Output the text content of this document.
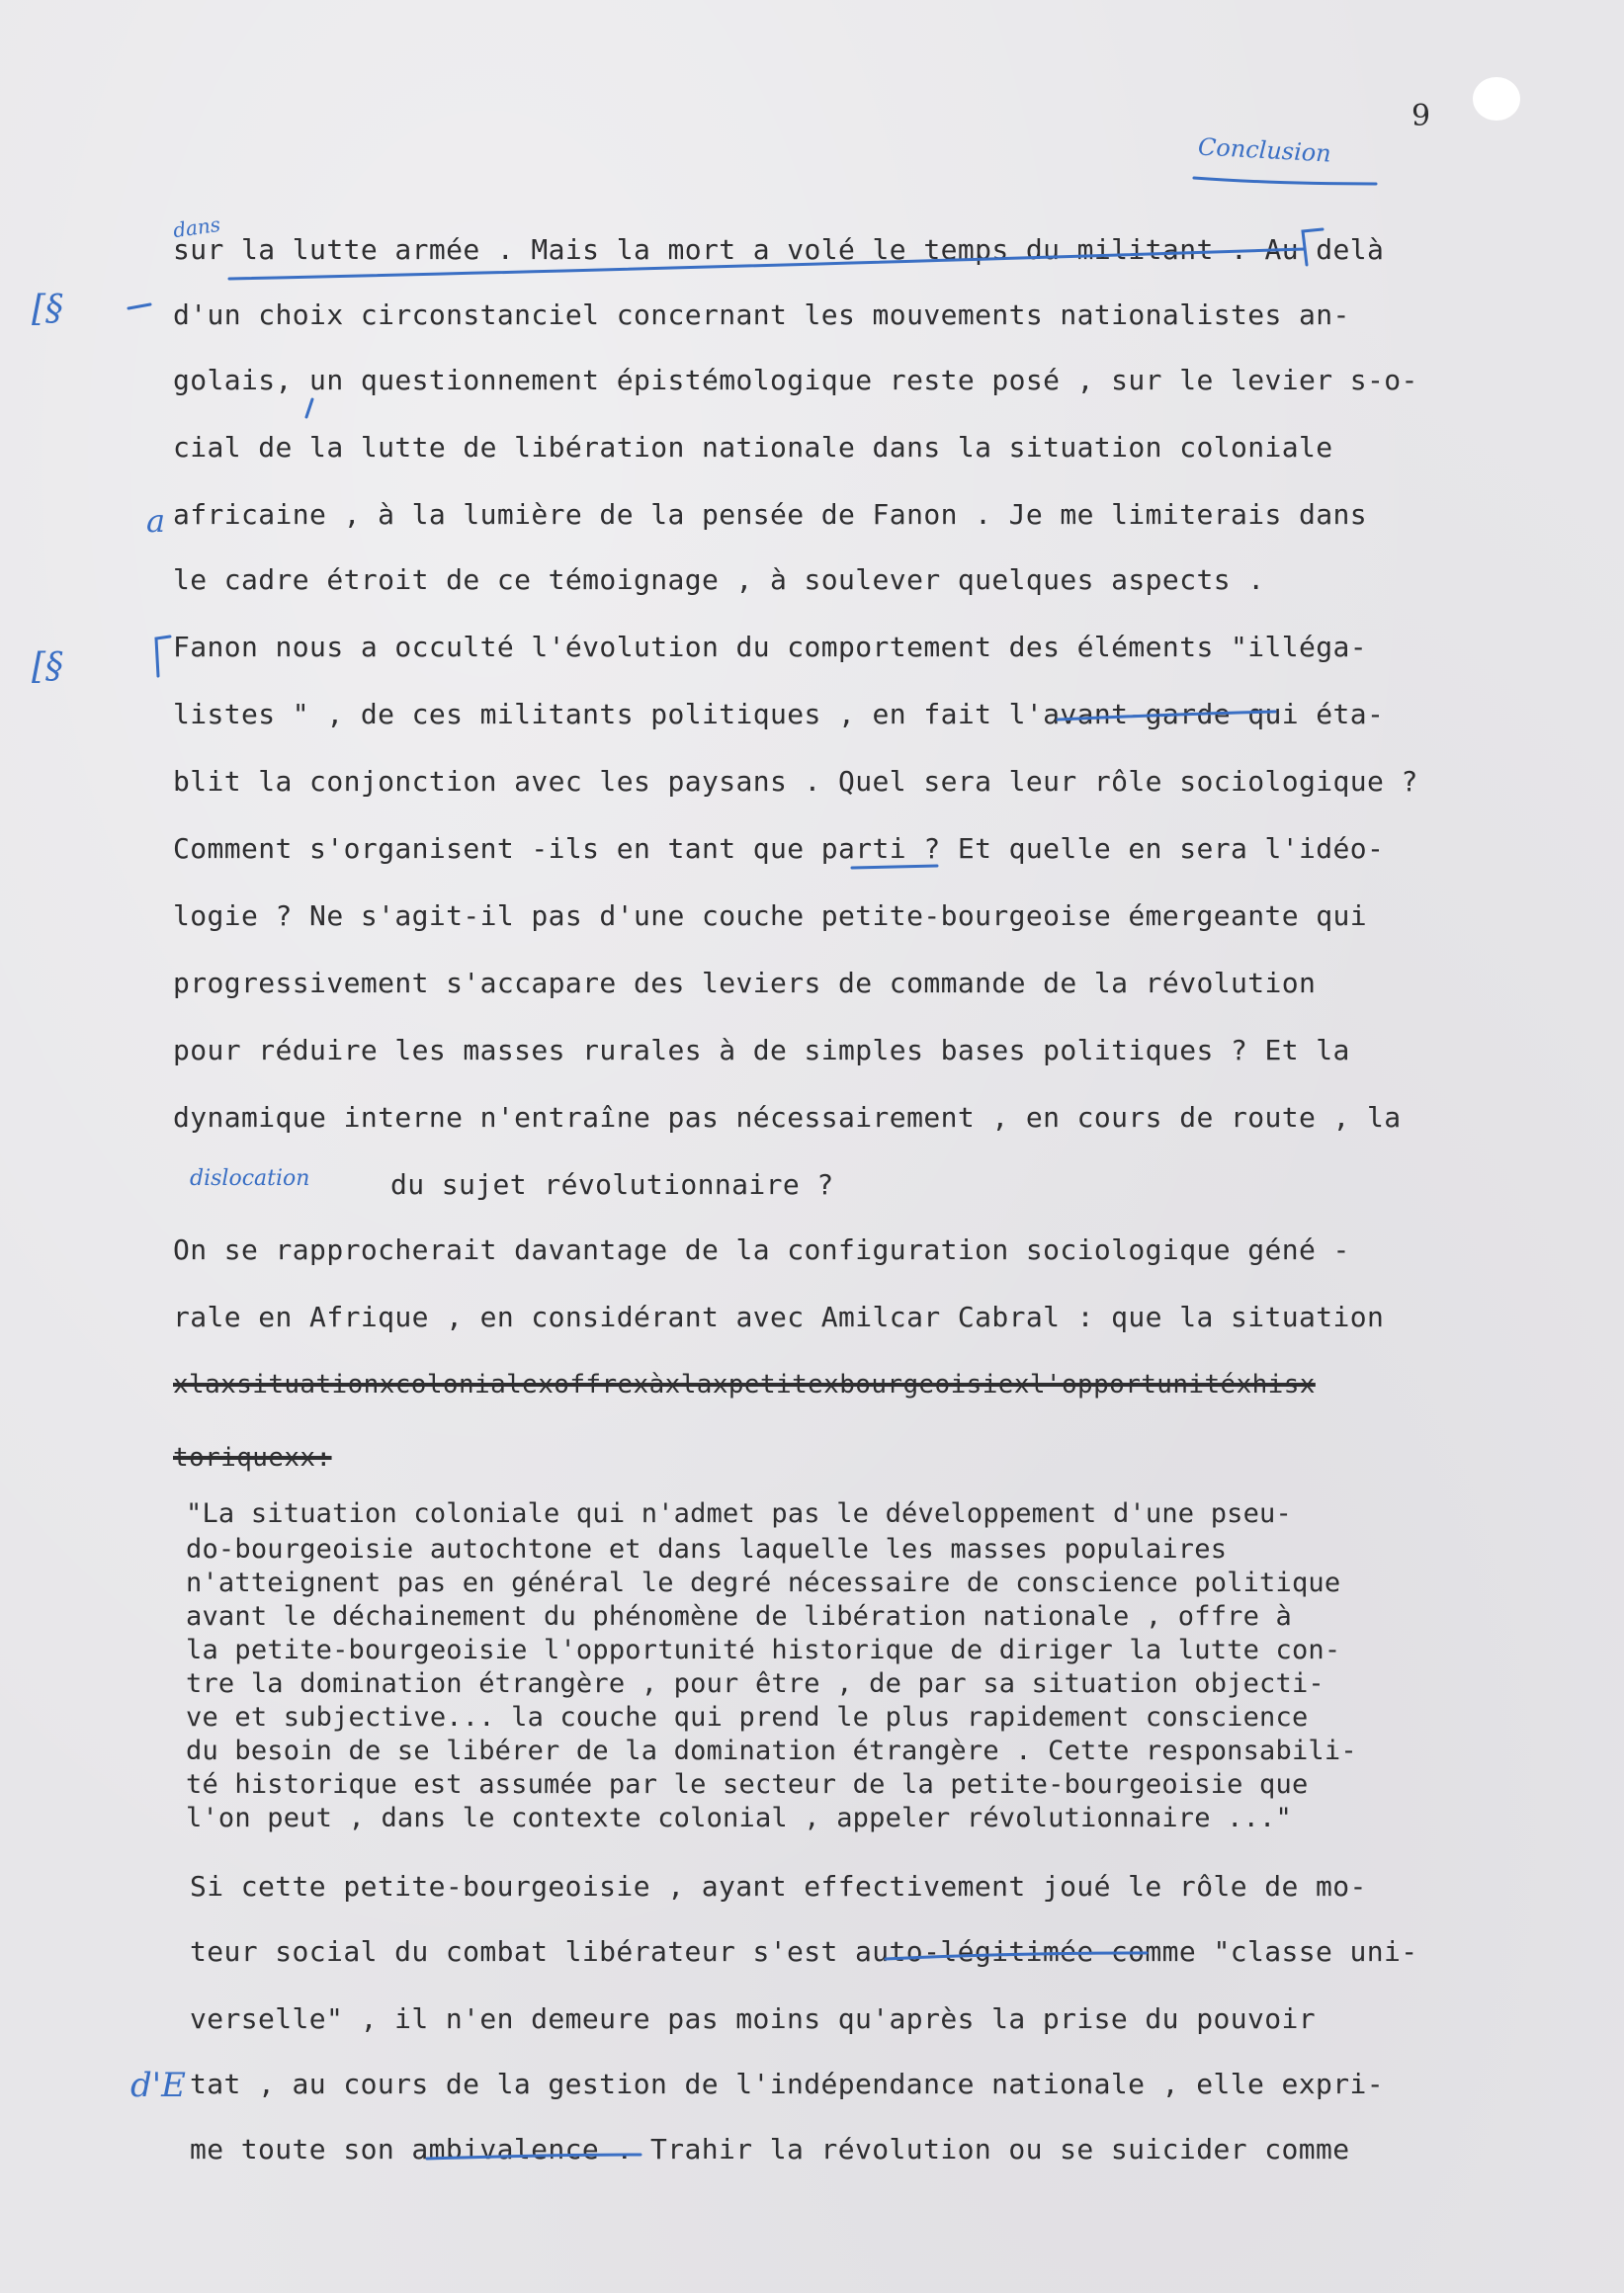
9
Conclusion
dans
[§
a
[§
dislocation
d'E
sur la lutte armée . Mais la mort a volé le temps du militant . Au delà
d'un choix circonstanciel concernant les mouvements nationalistes an-
golais, un questionnement épistémologique reste posé , sur le levier s-o-
cial de la lutte de libération nationale dans la situation coloniale
africaine , à la lumière de la pensée de Fanon . Je me limiterais dans
le cadre étroit de ce témoignage , à soulever quelques aspects .
Fanon nous a occulté l'évolution du comportement des éléments "illéga-
listes " , de ces militants politiques , en fait l'avant-garde qui éta-
blit la conjonction avec les paysans . Quel sera leur rôle sociologique ?
Comment s'organisent -ils en tant que parti ? Et quelle en sera l'idéo-
logie ? Ne s'agit-il pas d'une couche petite-bourgeoise émergeante qui
progressivement s'accapare des leviers de commande de la révolution
pour réduire les masses rurales à de simples bases politiques ? Et la
dynamique interne n'entraîne pas nécessairement , en cours de route , la
du sujet révolutionnaire ?
On se rapprocherait davantage de la configuration sociologique géné -
rale en Afrique , en considérant avec Amilcar Cabral : que la situation
xlaxsituationxcolonialexoffrexàxlaxpetitexbourgeoisiexl'opportunitéxhisx
toriquexx:
"La situation coloniale qui n'admet pas le développement d'une pseu-
do-bourgeoisie autochtone et dans laquelle les masses populaires
n'atteignent pas en général le degré nécessaire de conscience politique
avant le déchainement du phénomène de libération nationale , offre à
la petite-bourgeoisie l'opportunité historique de diriger la lutte con-
tre la domination étrangère , pour être , de par sa situation objecti-
ve et subjective... la couche qui prend le plus rapidement conscience
du besoin de se libérer de la domination étrangère . Cette responsabili-
té historique est assumée par le secteur de la petite-bourgeoisie que
l'on peut , dans le contexte colonial , appeler révolutionnaire ..."
Si cette petite-bourgeoisie , ayant effectivement joué le rôle de mo-
teur social du combat libérateur s'est auto-légitimée comme "classe uni-
verselle" , il n'en demeure pas moins qu'après la prise du pouvoir
tat , au cours de la gestion de l'indépendance nationale , elle expri-
me toute son ambivalence . Trahir la révolution ou se suicider comme
